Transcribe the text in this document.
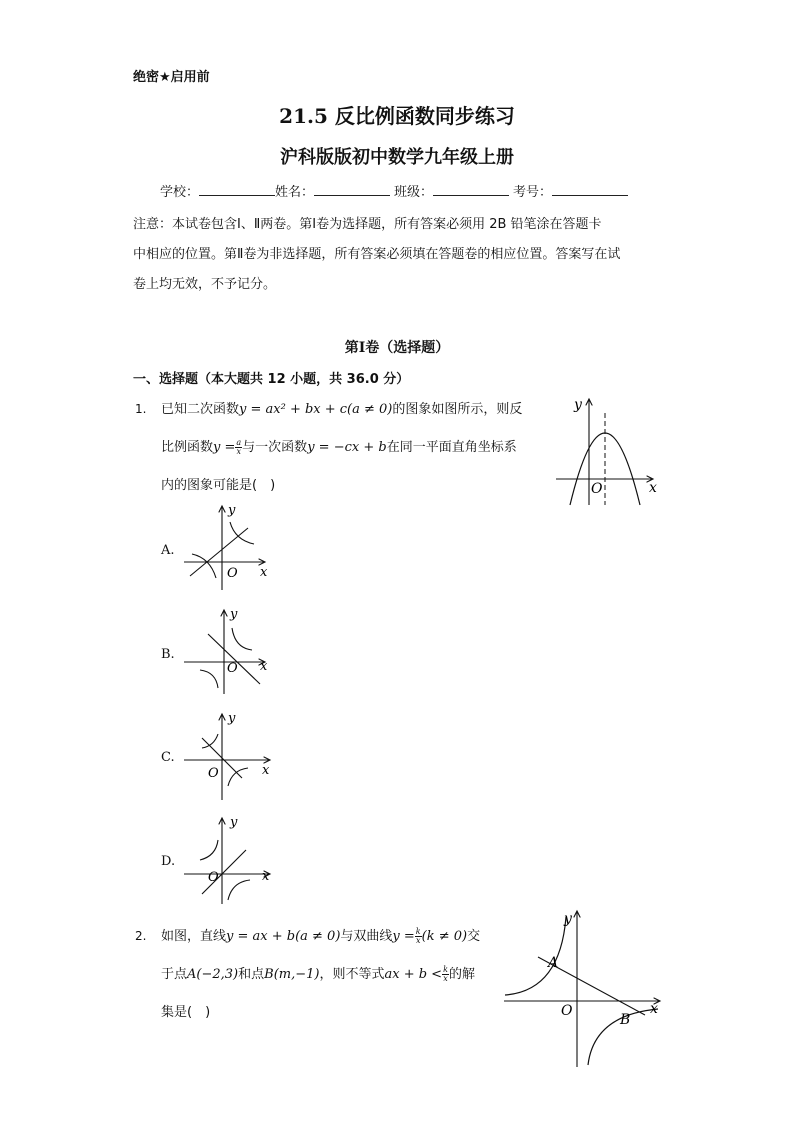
绝密★启用前
21.5 反比例函数同步练习
沪科版版初中数学九年级上册
学校：	姓名：	班级：	考号：
注意：本试卷包含Ⅰ、Ⅱ两卷。第Ⅰ卷为选择题，所有答案必须用 2B 铅笔涂在答题卡
中相应的位置。第Ⅱ卷为非选择题，所有答案必须填在答题卷的相应位置。答案写在试
卷上均无效，不予记分。
第Ⅰ卷（选择题）
一、选择题（本大题共 12 小题，共 36.0 分）
1. 已知二次函数y = ax² + bx + c(a ≠ 0)的图象如图所示，则反
比例函数$y = \frac{a}{x}$ 与一次函数y = −cx + b在同一平面直角坐标系
内的图象可能是(　)
y
x
O
A.
y
x
O
B.
y
x
O
C.
y
x
O
D.
y
x
O
2. 如图，直线y = ax + b(a ≠ 0)与双曲线$y = \frac{k}{x} (k \ne 0)$交
于点A(−2,3)和点B(m,−1)，则不等式ax + $b < \frac{k}{x}$ 的解
集是(　)
y
x
O
A
B
